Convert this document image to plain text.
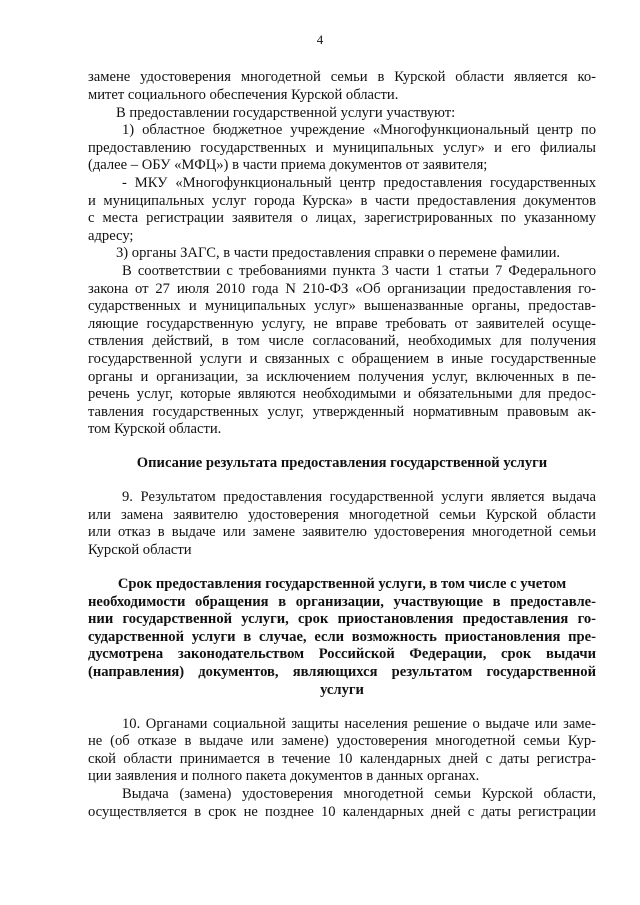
4
замене удостоверения многодетной семьи в Курской области является ко-
митет социального обеспечения Курской области.
В предоставлении государственной услуги участвуют:
1) областное бюджетное учреждение «Многофункциональный центр по
предоставлению государственных и муниципальных услуг» и его филиалы
(далее – ОБУ «МФЦ») в части приема документов от заявителя;
- МКУ «Многофункциональный центр предоставления государственных
и муниципальных услуг города Курска» в части предоставления документов
с места регистрации заявителя о лицах, зарегистрированных по указанному
адресу;
3) органы ЗАГС, в части предоставления справки о перемене фамилии.
В соответствии с требованиями пункта 3 части 1 статьи 7 Федерального
закона от 27 июля 2010 года N 210-ФЗ «Об организации предоставления го-
сударственных и муниципальных услуг» вышеназванные органы, предостав-
ляющие государственную услугу, не вправе требовать от заявителей осуще-
ствления действий, в том числе согласований, необходимых для получения
государственной услуги и связанных с обращением в иные государственные
органы и организации, за исключением получения услуг, включенных в пе-
речень услуг, которые являются необходимыми и обязательными для предос-
тавления государственных услуг, утвержденный нормативным правовым ак-
том Курской области.
Описание результата предоставления государственной услуги
9. Результатом предоставления государственной услуги является выдача
или замена заявителю удостоверения многодетной семьи Курской области
или отказ в выдаче или замене заявителю удостоверения многодетной семьи
Курской области
Срок предоставления государственной услуги, в том числе с учетом
необходимости обращения в организации, участвующие в предоставле-
нии государственной услуги, срок приостановления предоставления го-
сударственной услуги в случае, если возможность приостановления пре-
дусмотрена законодательством Российской Федерации, срок выдачи
(направления) документов, являющихся результатом государственной
услуги
10. Органами социальной защиты населения решение о выдаче или заме-
не (об отказе в выдаче или замене) удостоверения многодетной семьи Кур-
ской области принимается в течение 10 календарных дней с даты регистра-
ции заявления и полного пакета документов в данных органах.
Выдача (замена) удостоверения многодетной семьи Курской области,
осуществляется в срок не позднее 10 календарных дней с даты регистрации
